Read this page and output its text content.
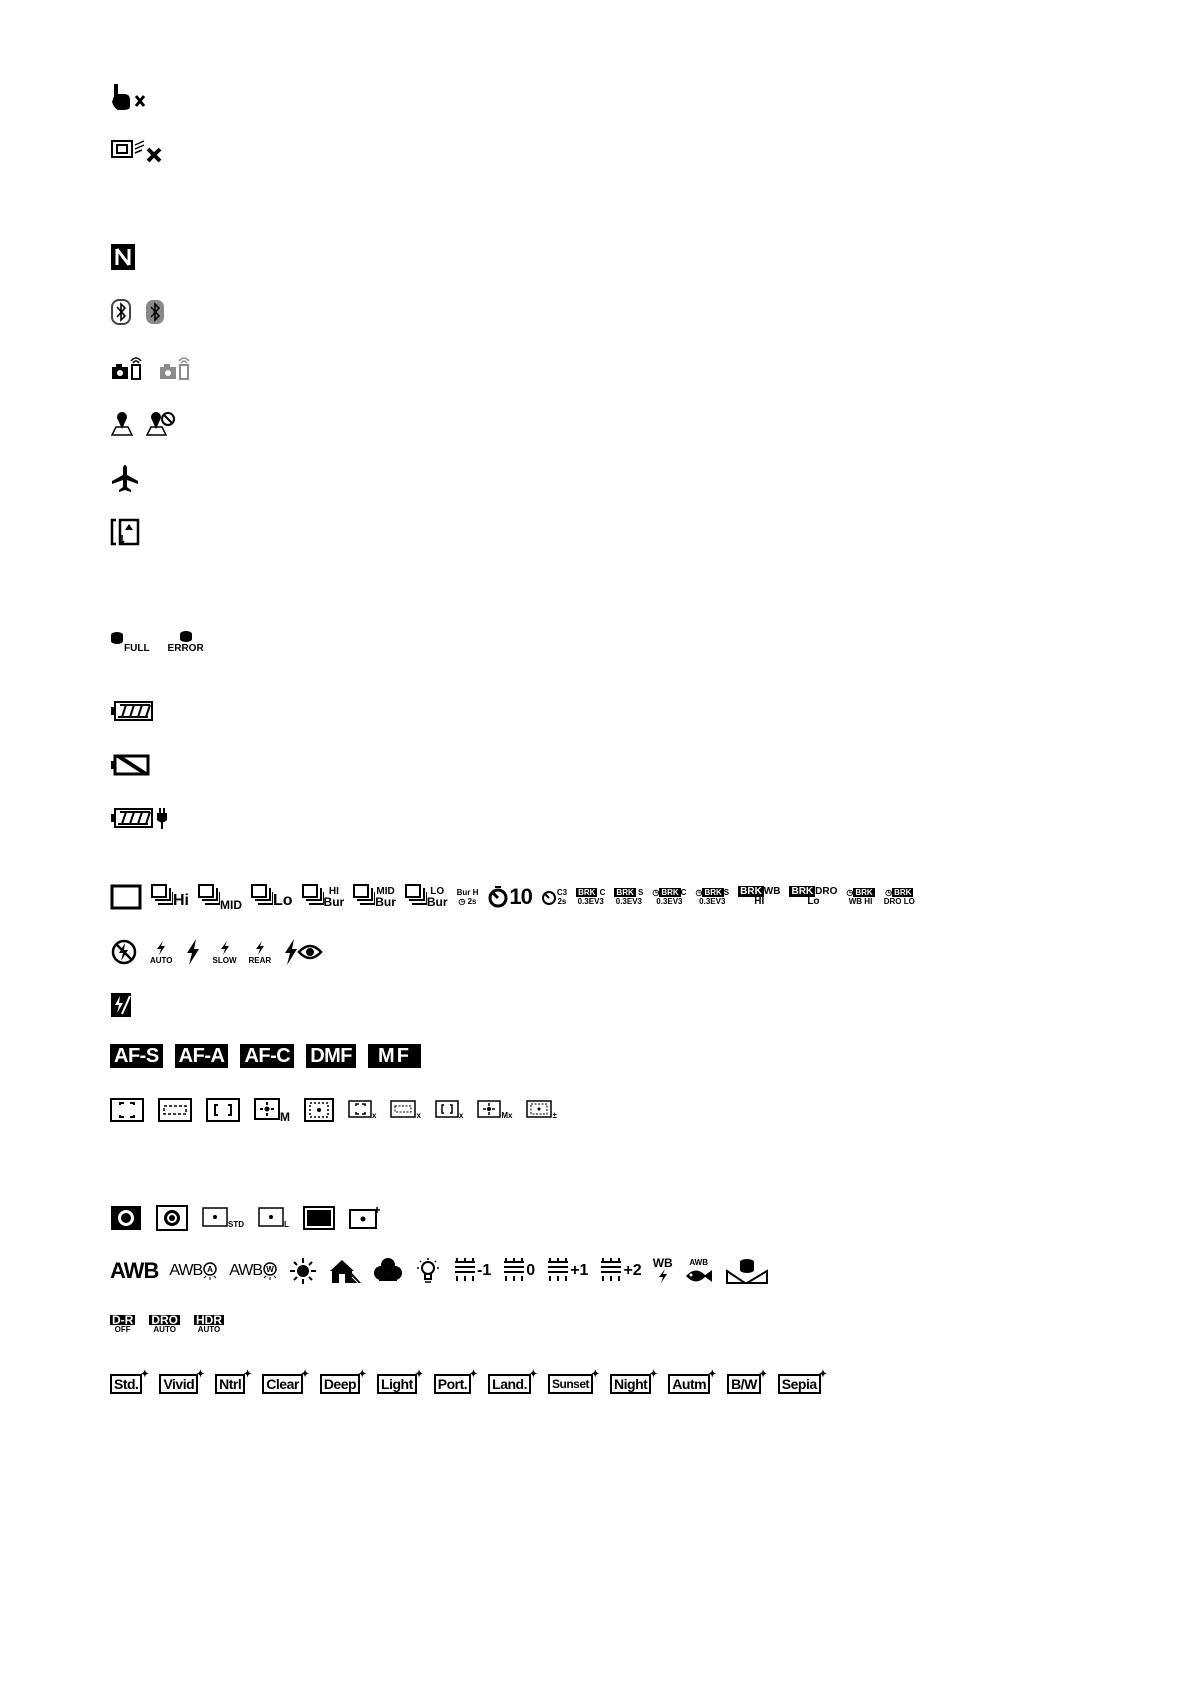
FULL ERROR
Hi	MID Lo
HI
Bur
MID
Bur
LO
Bur
Bur H
◷ 2s 10	C3
2s
BRK C
0.3EV3
BRK S
0.3EV3
◷ BRK C
0.3EV3
◷ BRK S
0.3EV3
BRK WB
HI
BRK DRO
Lo
◷ BRK
WB HI
◷ BRK
DRO LO
AUTO	SLOW REAR
AF-S AF-A AF-C DMF	MF
M	x	x	x	Mx	±
STD	L
AWB AWB A AWB W	-1 0 +1 +2 WB AWB
D-R
OFF
DRO
AUTO
HDR
AUTO
Std. ✦ Vivid ✦ Ntrl ✦ Clear ✦ Deep ✦ Light ✦ Port. ✦ Land. ✦	Sunset ✦ Night ✦ Autm ✦ B/W ✦ Sepia ✦
